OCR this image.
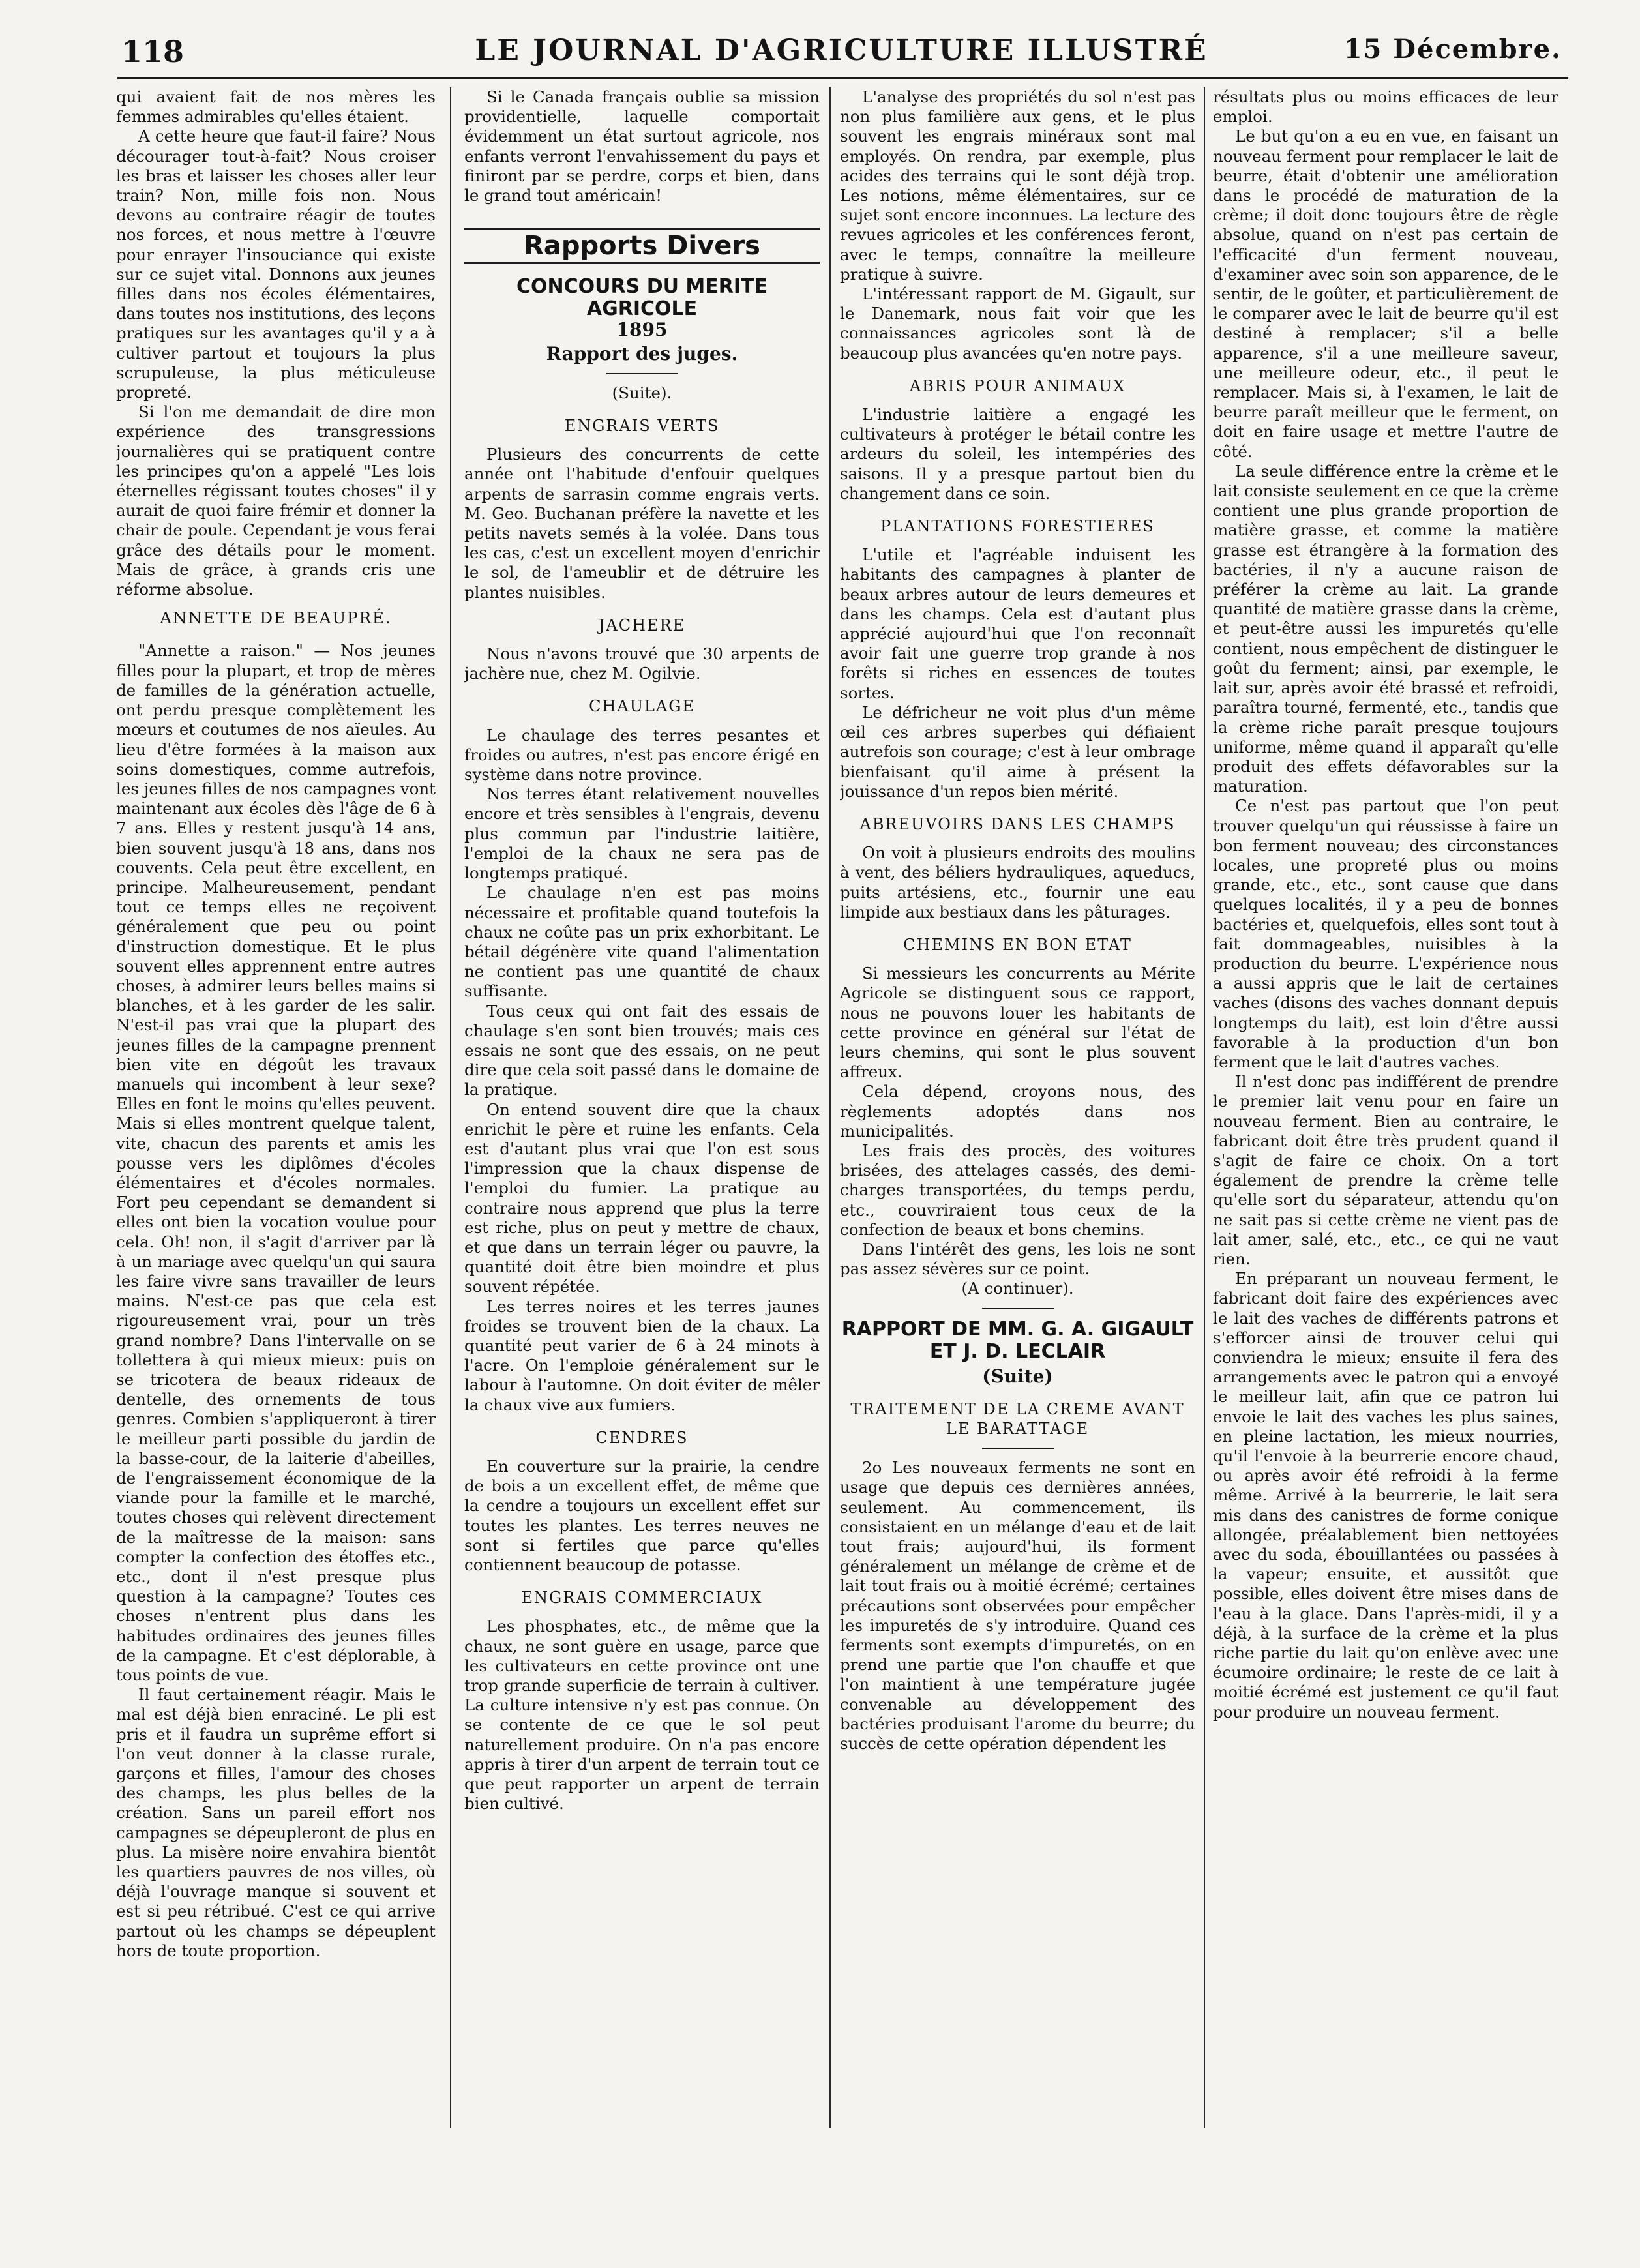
118	LE JOURNAL D'AGRICULTURE ILLUSTRÉ	15 Décembre.

qui avaient fait de nos mères les femmes admirables qu'elles étaient.

A cette heure que faut-il faire? Nous décourager tout-à-fait? Nous croiser les bras et laisser les choses aller leur train? Non, mille fois non. Nous devons au contraire réagir de toutes nos forces, et nous mettre à l'œuvre pour enrayer l'insouciance qui existe sur ce sujet vital. Donnons aux jeunes filles dans nos écoles élémentaires, dans toutes nos institutions, des leçons pratiques sur les avantages qu'il y a à cultiver partout et toujours la plus scrupuleuse, la plus méticuleuse propreté.

Si l'on me demandait de dire mon expérience des transgressions journalières qui se pratiquent contre les principes qu'on a appelé "Les lois éternelles régissant toutes choses" il y aurait de quoi faire frémir et donner la chair de poule. Cependant je vous ferai grâce des détails pour le moment. Mais de grâce, à grands cris une réforme absolue.

ANNETTE DE BEAUPRÉ.

"Annette a raison." — Nos jeunes filles pour la plupart, et trop de mères de familles de la génération actuelle, ont perdu presque complètement les mœurs et coutumes de nos aïeules. Au lieu d'être formées à la maison aux soins domestiques, comme autrefois, les jeunes filles de nos campagnes vont maintenant aux écoles dès l'âge de 6 à 7 ans. Elles y restent jusqu'à 14 ans, bien souvent jusqu'à 18 ans, dans nos couvents. Cela peut être excellent, en principe. Malheureusement, pendant tout ce temps elles ne reçoivent généralement que peu ou point d'instruction domestique. Et le plus souvent elles apprennent entre autres choses, à admirer leurs belles mains si blanches, et à les garder de les salir. N'est-il pas vrai que la plupart des jeunes filles de la campagne prennent bien vite en dégoût les travaux manuels qui incombent à leur sexe? Elles en font le moins qu'elles peuvent. Mais si elles montrent quelque talent, vite, chacun des parents et amis les pousse vers les diplômes d'écoles élémentaires et d'écoles normales. Fort peu cependant se demandent si elles ont bien la vocation voulue pour cela. Oh! non, il s'agit d'arriver par là à un mariage avec quelqu'un qui saura les faire vivre sans travailler de leurs mains. N'est-ce pas que cela est rigoureusement vrai, pour un très grand nombre? Dans l'intervalle on se tollettera à qui mieux mieux: puis on se tricotera de beaux rideaux de dentelle, des ornements de tous genres. Combien s'appliqueront à tirer le meilleur parti possible du jardin de la basse-cour, de la laiterie d'abeilles, de l'engraissement économique de la viande pour la famille et le marché, toutes choses qui relèvent directement de la maîtresse de la maison: sans compter la confection des étoffes etc., etc., dont il n'est presque plus question à la campagne? Toutes ces choses n'entrent plus dans les habitudes ordinaires des jeunes filles de la campagne. Et c'est déplorable, à tous points de vue.

Il faut certainement réagir. Mais le mal est déjà bien enraciné. Le pli est pris et il faudra un suprême effort si l'on veut donner à la classe rurale, garçons et filles, l'amour des choses des champs, les plus belles de la création. Sans un pareil effort nos campagnes se dépeupleront de plus en plus. La misère noire envahira bientôt les quartiers pauvres de nos villes, où déjà l'ouvrage manque si souvent et est si peu rétribué. C'est ce qui arrive partout où les champs se dépeuplent hors de toute proportion.

Si le Canada français oublie sa mission providentielle, laquelle comportait évidemment un état surtout agricole, nos enfants verront l'envahissement du pays et finiront par se perdre, corps et bien, dans le grand tout américain!

Rapports Divers
CONCOURS DU MERITE AGRICOLE
1895
Rapport des juges.
(Suite).
ENGRAIS VERTS

Plusieurs des concurrents de cette année ont l'habitude d'enfouir quelques arpents de sarrasin comme engrais verts. M. Geo. Buchanan préfère la navette et les petits navets semés à la volée. Dans tous les cas, c'est un excellent moyen d'enrichir le sol, de l'ameublir et de détruire les plantes nuisibles.

JACHERE

Nous n'avons trouvé que 30 arpents de jachère nue, chez M. Ogilvie.

CHAULAGE

Le chaulage des terres pesantes et froides ou autres, n'est pas encore érigé en système dans notre province.

Nos terres étant relativement nouvelles encore et très sensibles à l'engrais, devenu plus commun par l'industrie laitière, l'emploi de la chaux ne sera pas de longtemps pratiqué.

Le chaulage n'en est pas moins nécessaire et profitable quand toutefois la chaux ne coûte pas un prix exhorbitant. Le bétail dégénère vite quand l'alimentation ne contient pas une quantité de chaux suffisante.

Tous ceux qui ont fait des essais de chaulage s'en sont bien trouvés; mais ces essais ne sont que des essais, on ne peut dire que cela soit passé dans le domaine de la pratique.

On entend souvent dire que la chaux enrichit le père et ruine les enfants. Cela est d'autant plus vrai que l'on est sous l'impression que la chaux dispense de l'emploi du fumier. La pratique au contraire nous apprend que plus la terre est riche, plus on peut y mettre de chaux, et que dans un terrain léger ou pauvre, la quantité doit être bien moindre et plus souvent répétée.

Les terres noires et les terres jaunes froides se trouvent bien de la chaux. La quantité peut varier de 6 à 24 minots à l'acre. On l'emploie généralement sur le labour à l'automne. On doit éviter de mêler la chaux vive aux fumiers.

CENDRES

En couverture sur la prairie, la cendre de bois a un excellent effet, de même que la cendre a toujours un excellent effet sur toutes les plantes. Les terres neuves ne sont si fertiles que parce qu'elles contiennent beaucoup de potasse.

ENGRAIS COMMERCIAUX

Les phosphates, etc., de même que la chaux, ne sont guère en usage, parce que les cultivateurs en cette province ont une trop grande superficie de terrain à cultiver. La culture intensive n'y est pas connue. On se contente de ce que le sol peut naturellement produire. On n'a pas encore appris à tirer d'un arpent de terrain tout ce que peut rapporter un arpent de terrain bien cultivé.

L'analyse des propriétés du sol n'est pas non plus familière aux gens, et le plus souvent les engrais minéraux sont mal employés. On rendra, par exemple, plus acides des terrains qui le sont déjà trop. Les notions, même élémentaires, sur ce sujet sont encore inconnues. La lecture des revues agricoles et les conférences feront, avec le temps, connaître la meilleure pratique à suivre.

L'intéressant rapport de M. Gigault, sur le Danemark, nous fait voir que les connaissances agricoles sont là de beaucoup plus avancées qu'en notre pays.

ABRIS POUR ANIMAUX

L'industrie laitière a engagé les cultivateurs à protéger le bétail contre les ardeurs du soleil, les intempéries des saisons. Il y a presque partout bien du changement dans ce soin.

PLANTATIONS FORESTIERES

L'utile et l'agréable induisent les habitants des campagnes à planter de beaux arbres autour de leurs demeures et dans les champs. Cela est d'autant plus apprécié aujourd'hui que l'on reconnaît avoir fait une guerre trop grande à nos forêts si riches en essences de toutes sortes.

Le défricheur ne voit plus d'un même œil ces arbres superbes qui défiaient autrefois son courage; c'est à leur ombrage bienfaisant qu'il aime à présent la jouissance d'un repos bien mérité.

ABREUVOIRS DANS LES CHAMPS

On voit à plusieurs endroits des moulins à vent, des béliers hydrauliques, aqueducs, puits artésiens, etc., fournir une eau limpide aux bestiaux dans les pâturages.

CHEMINS EN BON ETAT

Si messieurs les concurrents au Mérite Agricole se distinguent sous ce rapport, nous ne pouvons louer les habitants de cette province en général sur l'état de leurs chemins, qui sont le plus souvent affreux.

Cela dépend, croyons nous, des règlements adoptés dans nos municipalités.

Les frais des procès, des voitures brisées, des attelages cassés, des demi-charges transportées, du temps perdu, etc., couvriraient tous ceux de la confection de beaux et bons chemins.

Dans l'intérêt des gens, les lois ne sont pas assez sévères sur ce point.

(A continuer).
RAPPORT DE MM. G. A. GIGAULT ET J. D. LECLAIR
(Suite)
TRAITEMENT DE LA CREME AVANT LE BARATTAGE

2o Les nouveaux ferments ne sont en usage que depuis ces dernières années, seulement. Au commencement, ils consistaient en un mélange d'eau et de lait tout frais; aujourd'hui, ils forment généralement un mélange de crème et de lait tout frais ou à moitié écrémé; certaines précautions sont observées pour empêcher les impuretés de s'y introduire. Quand ces ferments sont exempts d'impuretés, on en prend une partie que l'on chauffe et que l'on maintient à une température jugée convenable au développement des bactéries produisant l'arome du beurre; du succès de cette opération dépendent les

résultats plus ou moins efficaces de leur emploi.

Le but qu'on a eu en vue, en faisant un nouveau ferment pour remplacer le lait de beurre, était d'obtenir une amélioration dans le procédé de maturation de la crème; il doit donc toujours être de règle absolue, quand on n'est pas certain de l'efficacité d'un ferment nouveau, d'examiner avec soin son apparence, de le sentir, de le goûter, et particulièrement de le comparer avec le lait de beurre qu'il est destiné à remplacer; s'il a belle apparence, s'il a une meilleure saveur, une meilleure odeur, etc., il peut le remplacer. Mais si, à l'examen, le lait de beurre paraît meilleur que le ferment, on doit en faire usage et mettre l'autre de côté.

La seule différence entre la crème et le lait consiste seulement en ce que la crème contient une plus grande proportion de matière grasse, et comme la matière grasse est étrangère à la formation des bactéries, il n'y a aucune raison de préférer la crème au lait. La grande quantité de matière grasse dans la crème, et peut-être aussi les impuretés qu'elle contient, nous empêchent de distinguer le goût du ferment; ainsi, par exemple, le lait sur, après avoir été brassé et refroidi, paraîtra tourné, fermenté, etc., tandis que la crème riche paraît presque toujours uniforme, même quand il apparaît qu'elle produit des effets défavorables sur la maturation.

Ce n'est pas partout que l'on peut trouver quelqu'un qui réussisse à faire un bon ferment nouveau; des circonstances locales, une propreté plus ou moins grande, etc., etc., sont cause que dans quelques localités, il y a peu de bonnes bactéries et, quelquefois, elles sont tout à fait dommageables, nuisibles à la production du beurre. L'expérience nous a aussi appris que le lait de certaines vaches (disons des vaches donnant depuis longtemps du lait), est loin d'être aussi favorable à la production d'un bon ferment que le lait d'autres vaches.

Il n'est donc pas indifférent de prendre le premier lait venu pour en faire un nouveau ferment. Bien au contraire, le fabricant doit être très prudent quand il s'agit de faire ce choix. On a tort également de prendre la crème telle qu'elle sort du séparateur, attendu qu'on ne sait pas si cette crème ne vient pas de lait amer, salé, etc., etc., ce qui ne vaut rien.

En préparant un nouveau ferment, le fabricant doit faire des expériences avec le lait des vaches de différents patrons et s'efforcer ainsi de trouver celui qui conviendra le mieux; ensuite il fera des arrangements avec le patron qui a envoyé le meilleur lait, afin que ce patron lui envoie le lait des vaches les plus saines, en pleine lactation, les mieux nourries, qu'il l'envoie à la beurrerie encore chaud, ou après avoir été refroidi à la ferme même. Arrivé à la beurrerie, le lait sera mis dans des canistres de forme conique allongée, préalablement bien nettoyées avec du soda, ébouillantées ou passées à la vapeur; ensuite, et aussitôt que possible, elles doivent être mises dans de l'eau à la glace. Dans l'après-midi, il y a déjà, à la surface de la crème et la plus riche partie du lait qu'on enlève avec une écumoire ordinaire; le reste de ce lait à moitié écrémé est justement ce qu'il faut pour produire un nouveau ferment.
